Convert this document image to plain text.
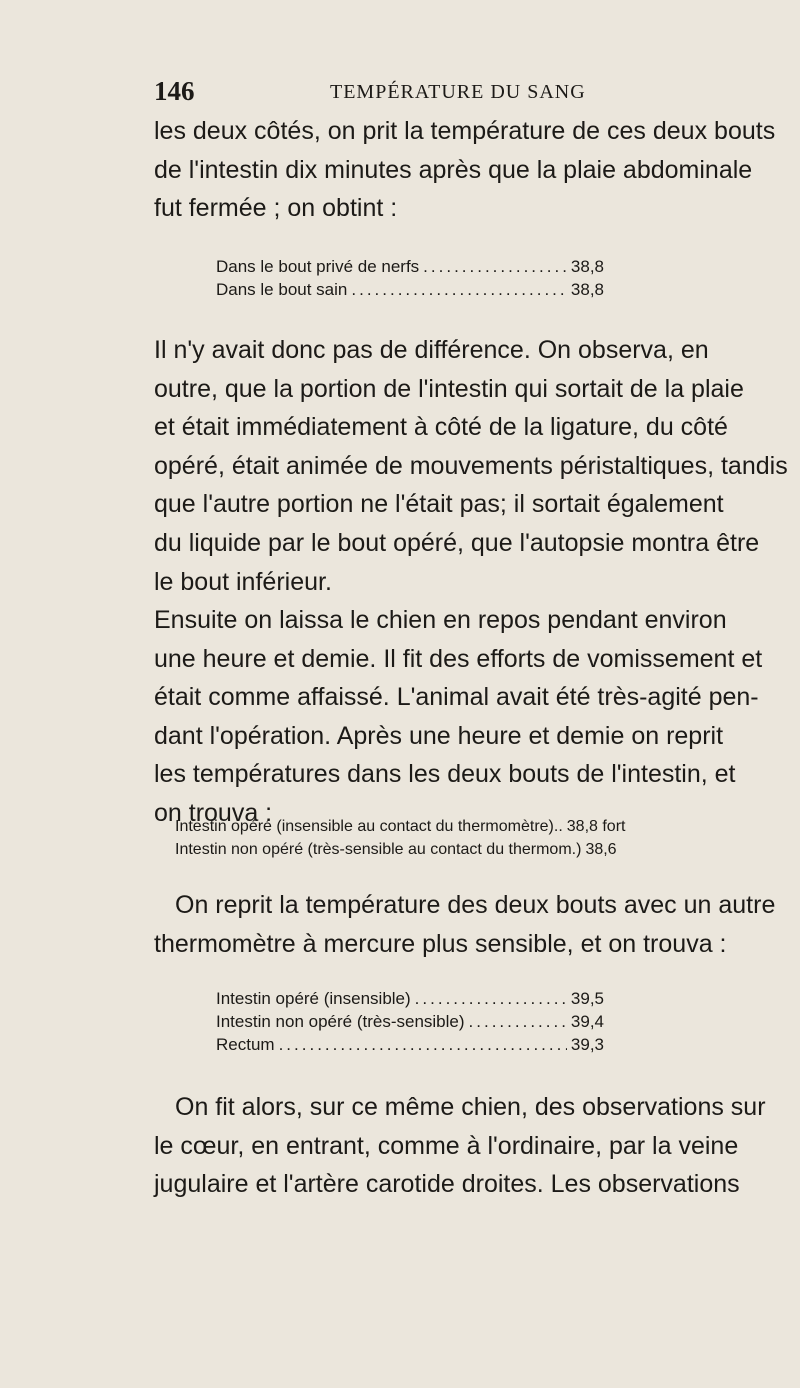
146	TEMPÉRATURE DU SANG

les deux côtés, on prit la température de ces deux bouts
de l'intestin dix minutes après que la plaie abdominale
fut fermée ; on obtint :

Dans le bout privé de nerfs .....	38,8
Dans le bout sain .....	38,8

Il n'y avait donc pas de différence. On observa, en
outre, que la portion de l'intestin qui sortait de la plaie
et était immédiatement à côté de la ligature, du côté
opéré, était animée de mouvements péristaltiques, tandis
que l'autre portion ne l'était pas; il sortait également
du liquide par le bout opéré, que l'autopsie montra être
le bout inférieur.

Ensuite on laissa le chien en repos pendant environ
une heure et demie. Il fit des efforts de vomissement et
était comme affaissé. L'animal avait été très-agité pen-
dant l'opération. Après une heure et demie on reprit
les températures dans les deux bouts de l'intestin, et
on trouva :

Intestin opéré (insensible au contact du thermomètre).. 38,8 fort
Intestin non opéré (très-sensible au contact du thermom.) 38,6

On reprit la température des deux bouts avec un autre
thermomètre à mercure plus sensible, et on trouva :

Intestin opéré (insensible) .....	39,5
Intestin non opéré (très-sensible) .....	39,4
Rectum .....	39,3

On fit alors, sur ce même chien, des observations sur
le cœur, en entrant, comme à l'ordinaire, par la veine
jugulaire et l'artère carotide droites. Les observations
